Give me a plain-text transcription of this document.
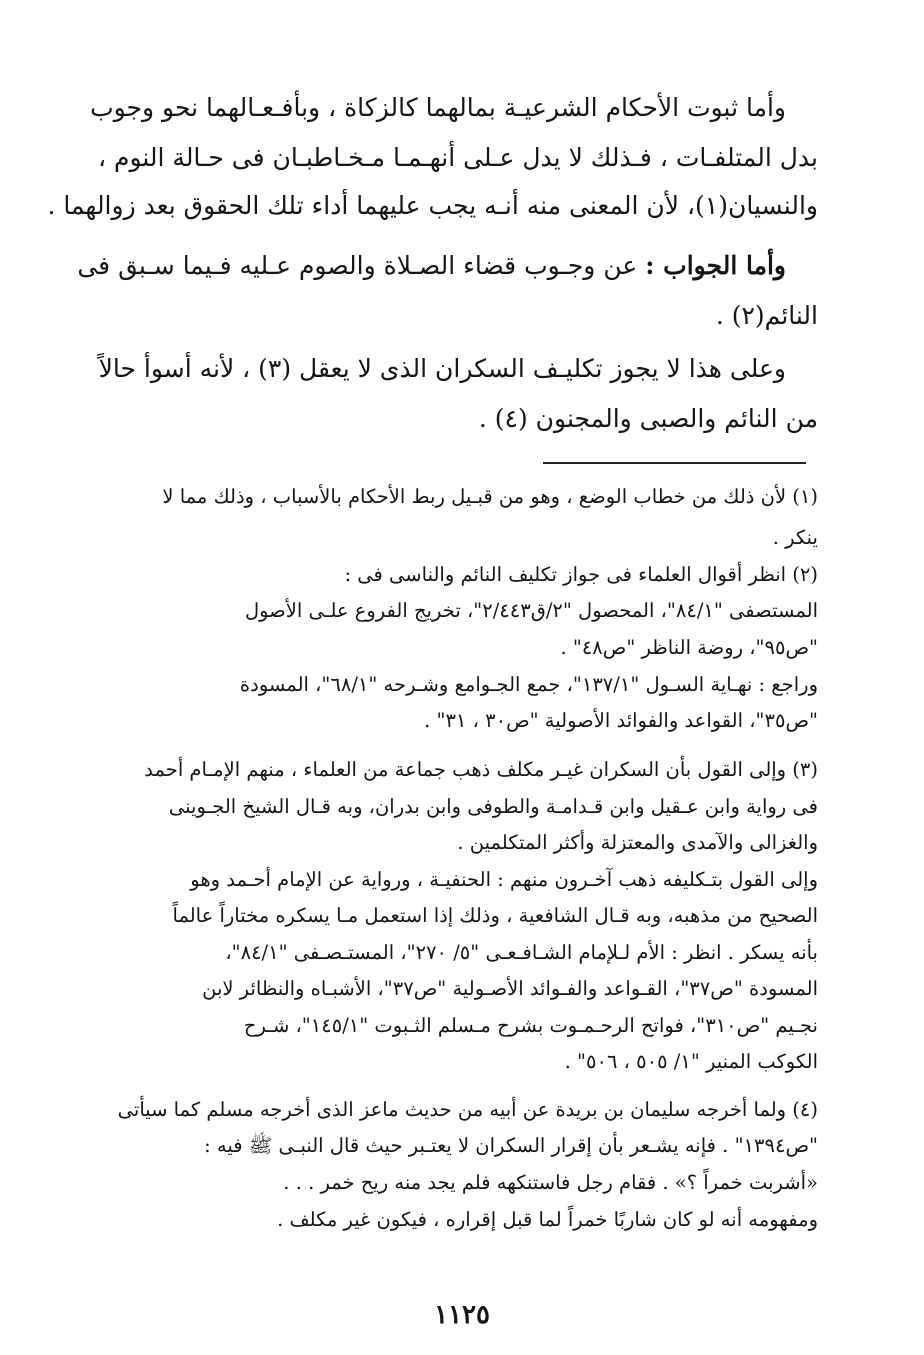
وأما ثبوت الأحكام الشرعيـة بمالهما كالزكاة ، وبأفـعـالهما نحو وجوب
بدل المتلفـات ، فـذلك لا يدل عـلى أنهـمـا مـخـاطبـان فى حـالة النوم ،
والنسيان(١)، لأن المعنى منه أنـه يجب عليهما أداء تلك الحقوق بعد زوالهما .
وأما الجواب : عن وجـوب قضاء الصـلاة والصوم عـليه فـيما سـبق فى
النائم(٢) .
وعلى هذا لا يجوز تكليـف السكران الذى لا يعقل (٣) ، لأنه أسوأ حالاً
من النائم والصبى والمجنون (٤) .
(١) لأن ذلك من خطاب الوضع ، وهو من قبـيل ربط الأحكام بالأسباب ، وذلك مما لا
ينكر .
(٢) انظر أقوال العلماء فى جواز تكليف النائم والناسى فى :
المستصفى "٨٤/١"، المحصول "٢/ق٢/٤٤٣"، تخريج الفروع علـى الأصول
"ص٩٥"، روضة الناظر "ص٤٨" .
وراجع : نهـاية السـول "١٣٧/١"، جمع الجـوامع وشـرحه "٦٨/١"، المسودة
"ص٣٥"، القواعد والفوائد الأصولية "ص٣٠ ، ٣١" .
(٣) وإلى القول بأن السكران غيـر مكلف ذهب جماعة من العلماء ، منهم الإمـام أحمد
فى رواية وابن عـقيل وابن قـدامـة والطوفى وابن بدران، وبه قـال الشيخ الجـوينى
والغزالى والآمدى والمعتزلة وأكثر المتكلمين .
وإلى القول بتـكليفه ذهب آخـرون منهم : الحنفيـة ، ورواية عن الإمام أحـمد وهو
الصحيح من مذهبه، وبه قـال الشافعية ، وذلك إذا استعمل مـا يسكره مختاراً عالماً
بأنه يسكر . انظر : الأم لـلإمام الشـافـعـى "٥/ ٢٧٠"، المستـصـفى "٨٤/١"،
المسودة "ص٣٧"، القـواعد والفـوائد الأصـولية "ص٣٧"، الأشبـاه والنظائر لابن
نجـيم "ص٣١٠"، فواتح الرحـمـوت بشرح مـسلم الثـبوت "١٤٥/١"، شـرح
الكوكب المنير "١/ ٥٠٥ ، ٥٠٦" .
(٤) ولما أخرجه سليمان بن بريدة عن أبيه من حديث ماعز الذى أخرجه مسلم كما سيأتى
"ص١٣٩٤" . فإنه يشـعر بأن إقرار السكران لا يعتـبر حيث قال النبـى ﷺ فيه :
«أشربت خمراً ؟» . فقام رجل فاستنكهه فلم يجد منه ريح خمر . . .
ومفهومه أنه لو كان شاربًا خمراً لما قبل إقراره ، فيكون غير مكلف .
١١٢٥
